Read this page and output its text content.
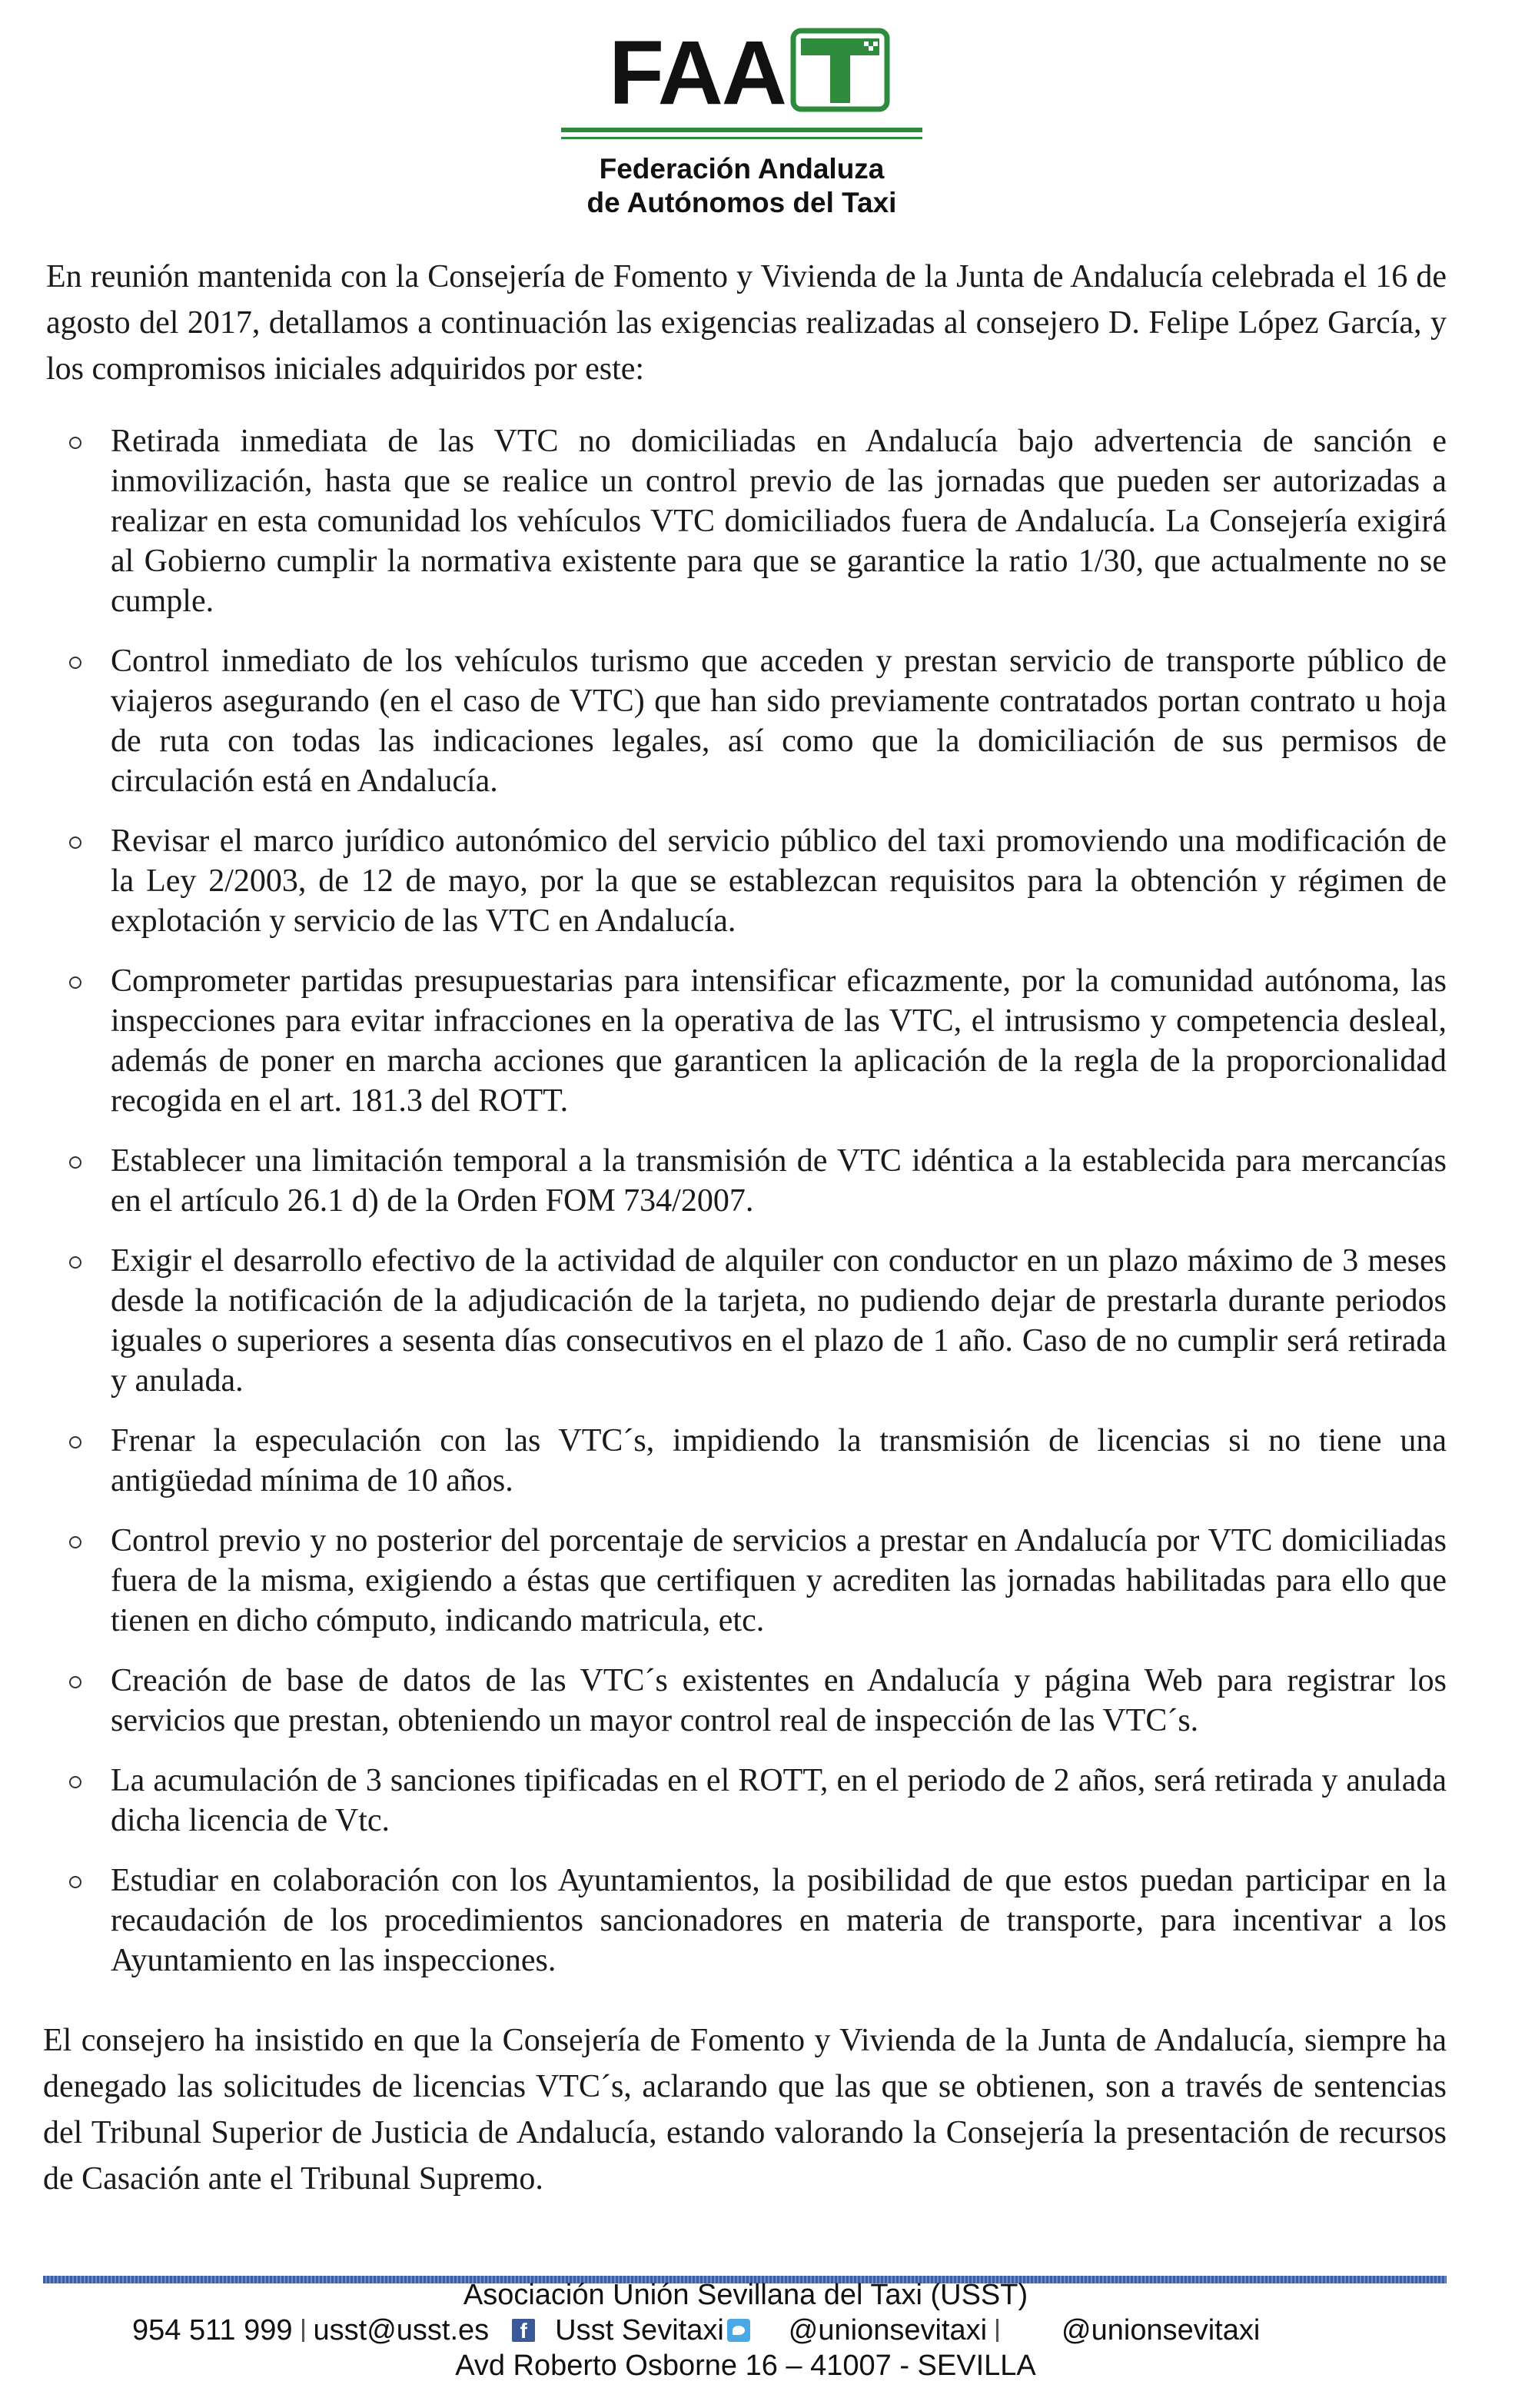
FAA
Federación Andaluza
de Autónomos del Taxi

En reunión mantenida con la Consejería de Fomento y Vivienda de la Junta de Andalucía celebrada el 16 de agosto del 2017, detallamos a continuación las exigencias realizadas al consejero D. Felipe López García, y los compromisos iniciales adquiridos por este:

Retirada inmediata de las VTC no domiciliadas en Andalucía bajo advertencia de sanción e inmovilización, hasta que se realice un control previo de las jornadas que pueden ser autorizadas a realizar en esta comunidad los vehículos VTC domiciliados fuera de Andalucía. La Consejería exigirá al Gobierno cumplir la normativa existente para que se garantice la ratio 1/30, que actualmente no se cumple.
Control inmediato de los vehículos turismo que acceden y prestan servicio de transporte público de viajeros asegurando (en el caso de VTC) que han sido previamente contratados portan contrato u hoja de ruta con todas las indicaciones legales, así como que la domiciliación de sus permisos de circulación está en Andalucía.
Revisar el marco jurídico autonómico del servicio público del taxi promoviendo una modificación de la Ley 2/2003, de 12 de mayo, por la que se establezcan requisitos para la obtención y régimen de explotación y servicio de las VTC en Andalucía.
Comprometer partidas presupuestarias para intensificar eficazmente, por la comunidad autónoma, las inspecciones para evitar infracciones en la operativa de las VTC, el intrusismo y competencia desleal, además de poner en marcha acciones que garanticen la aplicación de la regla de la proporcionalidad recogida en el art. 181.3 del ROTT.
Establecer una limitación temporal a la transmisión de VTC idéntica a la establecida para mercancías en el artículo 26.1 d) de la Orden FOM 734/2007.
Exigir el desarrollo efectivo de la actividad de alquiler con conductor en un plazo máximo de 3 meses desde la notificación de la adjudicación de la tarjeta, no pudiendo dejar de prestarla durante periodos iguales o superiores a sesenta días consecutivos en el plazo de 1 año. Caso de no cumplir será retirada y anulada.
Frenar la especulación con las VTC´s, impidiendo la transmisión de licencias si no tiene una antigüedad mínima de 10 años.
Control previo y no posterior del porcentaje de servicios a prestar en Andalucía por VTC domiciliadas fuera de la misma, exigiendo a éstas que certifiquen y acrediten las jornadas habilitadas para ello que tienen en dicho cómputo, indicando matricula, etc.
Creación de base de datos de las VTC´s existentes en Andalucía y página Web para registrar los servicios que prestan, obteniendo un mayor control real de inspección de las VTC´s.
La acumulación de 3 sanciones tipificadas en el ROTT, en el periodo de 2 años, será retirada y anulada dicha licencia de Vtc.
Estudiar en colaboración con los Ayuntamientos, la posibilidad de que estos puedan participar en la recaudación de los procedimientos sancionadores en materia de transporte, para incentivar a los Ayuntamiento en las inspecciones.

El consejero ha insistido en que la Consejería de Fomento y Vivienda de la Junta de Andalucía, siempre ha denegado las solicitudes de licencias VTC´s, aclarando que las que se obtienen, son a través de sentencias del Tribunal Superior de Justicia de Andalucía, estando valorando la Consejería la presentación de recursos de Casación ante el Tribunal Supremo.

Asociación Unión Sevillana del Taxi (USST)
954 511 999 usst@usst.es	f Usst Sevitaxi @unionsevitaxi	@unionsevitaxi
Avd Roberto Osborne 16 – 41007 - SEVILLA
